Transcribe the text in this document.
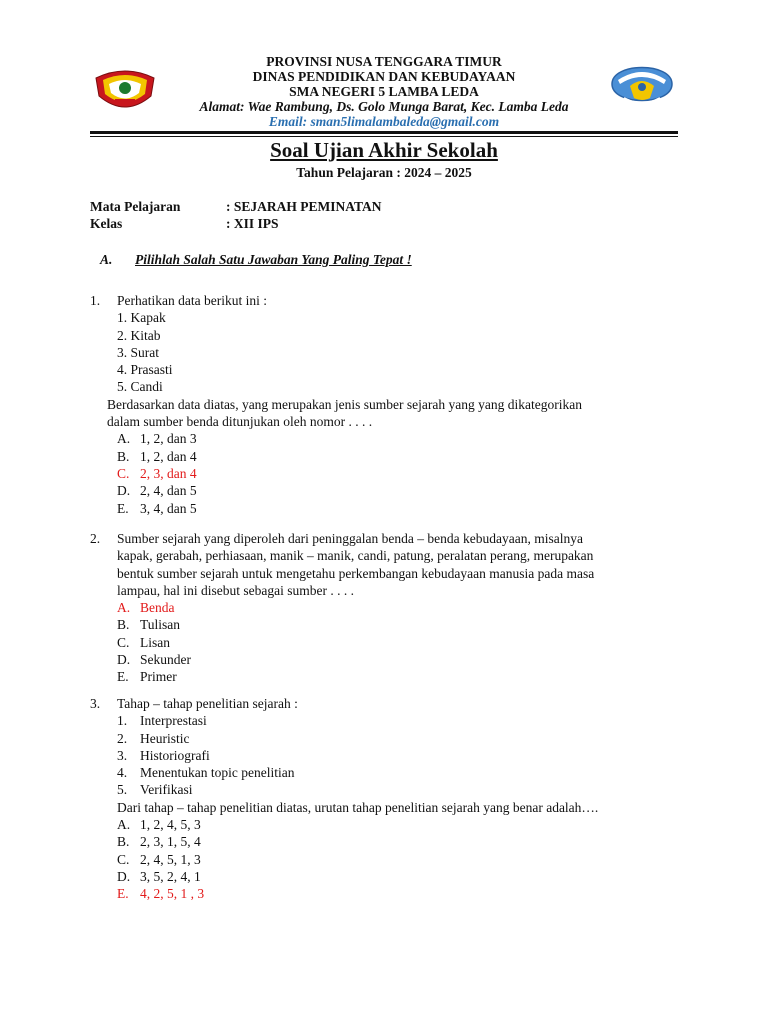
PROVINSI NUSA TENGGARA TIMUR
DINAS PENDIDIKAN DAN KEBUDAYAAN
SMA NEGERI 5 LAMBA LEDA
Alamat: Wae Rambung, Ds. Golo Munga Barat, Kec. Lamba Leda
Email: sman5limalambaleda@gmail.com
Soal Ujian Akhir Sekolah
Tahun Pelajaran : 2024 – 2025
Mata Pelajaran	: SEJARAH PEMINATAN
Kelas	: XII IPS
A. Pilihlah Salah Satu Jawaban Yang Paling Tepat !
1. Perhatikan data berikut ini :
1. Kapak
2. Kitab
3. Surat
4. Prasasti
5. Candi
Berdasarkan data diatas, yang merupakan jenis sumber sejarah yang yang dikategorikan
dalam sumber benda ditunjukan oleh nomor . . . .
A. 1, 2, dan 3
B. 1, 2, dan 4
C. 2, 3, dan 4
D. 2, 4, dan 5
E. 3, 4, dan 5
2. Sumber sejarah yang diperoleh dari peninggalan benda – benda kebudayaan, misalnya
kapak, gerabah, perhiasaan, manik – manik, candi, patung, peralatan perang, merupakan
bentuk sumber sejarah untuk mengetahu perkembangan kebudayaan manusia pada masa
lampau, hal ini disebut sebagai sumber . . . .
A. Benda
B. Tulisan
C. Lisan
D. Sekunder
E. Primer
3. Tahap – tahap penelitian sejarah :
1. Interprestasi
2. Heuristic
3. Historiografi
4. Menentukan topic penelitian
5. Verifikasi
Dari tahap – tahap penelitian diatas, urutan tahap penelitian sejarah yang benar adalah….
A. 1, 2, 4, 5, 3
B. 2, 3, 1, 5, 4
C. 2, 4, 5, 1, 3
D. 3, 5, 2, 4, 1
E. 4, 2, 5, 1 , 3
